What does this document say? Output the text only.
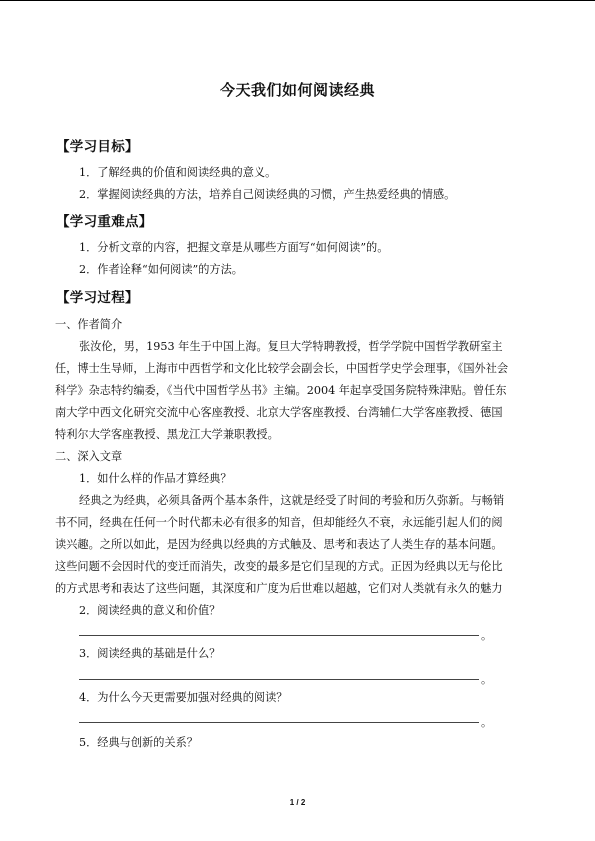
今天我们如何阅读经典
【学习目标】
1．了解经典的价值和阅读经典的意义。
2．掌握阅读经典的方法，培养自己阅读经典的习惯，产生热爱经典的情感。
【学习重难点】
1．分析文章的内容，把握文章是从哪些方面写“如何阅读”的。
2．作者诠释“如何阅读”的方法。
【学习过程】
一、作者简介
张汝伦，男，1953 年生于中国上海。复旦大学特聘教授，哲学学院中国哲学教研室主
任，博士生导师，上海市中西哲学和文化比较学会副会长，中国哲学史学会理事，《国外社会
科学》杂志特约编委，《当代中国哲学丛书》主编。2004 年起享受国务院特殊津贴。曾任东
南大学中西文化研究交流中心客座教授、北京大学客座教授、台湾辅仁大学客座教授、德国
特利尔大学客座教授、黑龙江大学兼职教授。
二、深入文章
1．如什么样的作品才算经典？
经典之为经典，必须具备两个基本条件，这就是经受了时间的考验和历久弥新。与畅销
书不同，经典在任何一个时代都未必有很多的知音，但却能经久不衰，永远能引起人们的阅
读兴趣。之所以如此，是因为经典以经典的方式触及、思考和表达了人类生存的基本问题。
这些问题不会因时代的变迁而消失，改变的最多是它们呈现的方式。正因为经典以无与伦比
的方式思考和表达了这些问题，其深度和广度为后世难以超越，它们对人类就有永久的魅力
2．阅读经典的意义和价值？
。
3．阅读经典的基础是什么？
。
4．为什么今天更需要加强对经典的阅读？
。
5．经典与创新的关系？
1 / 2
